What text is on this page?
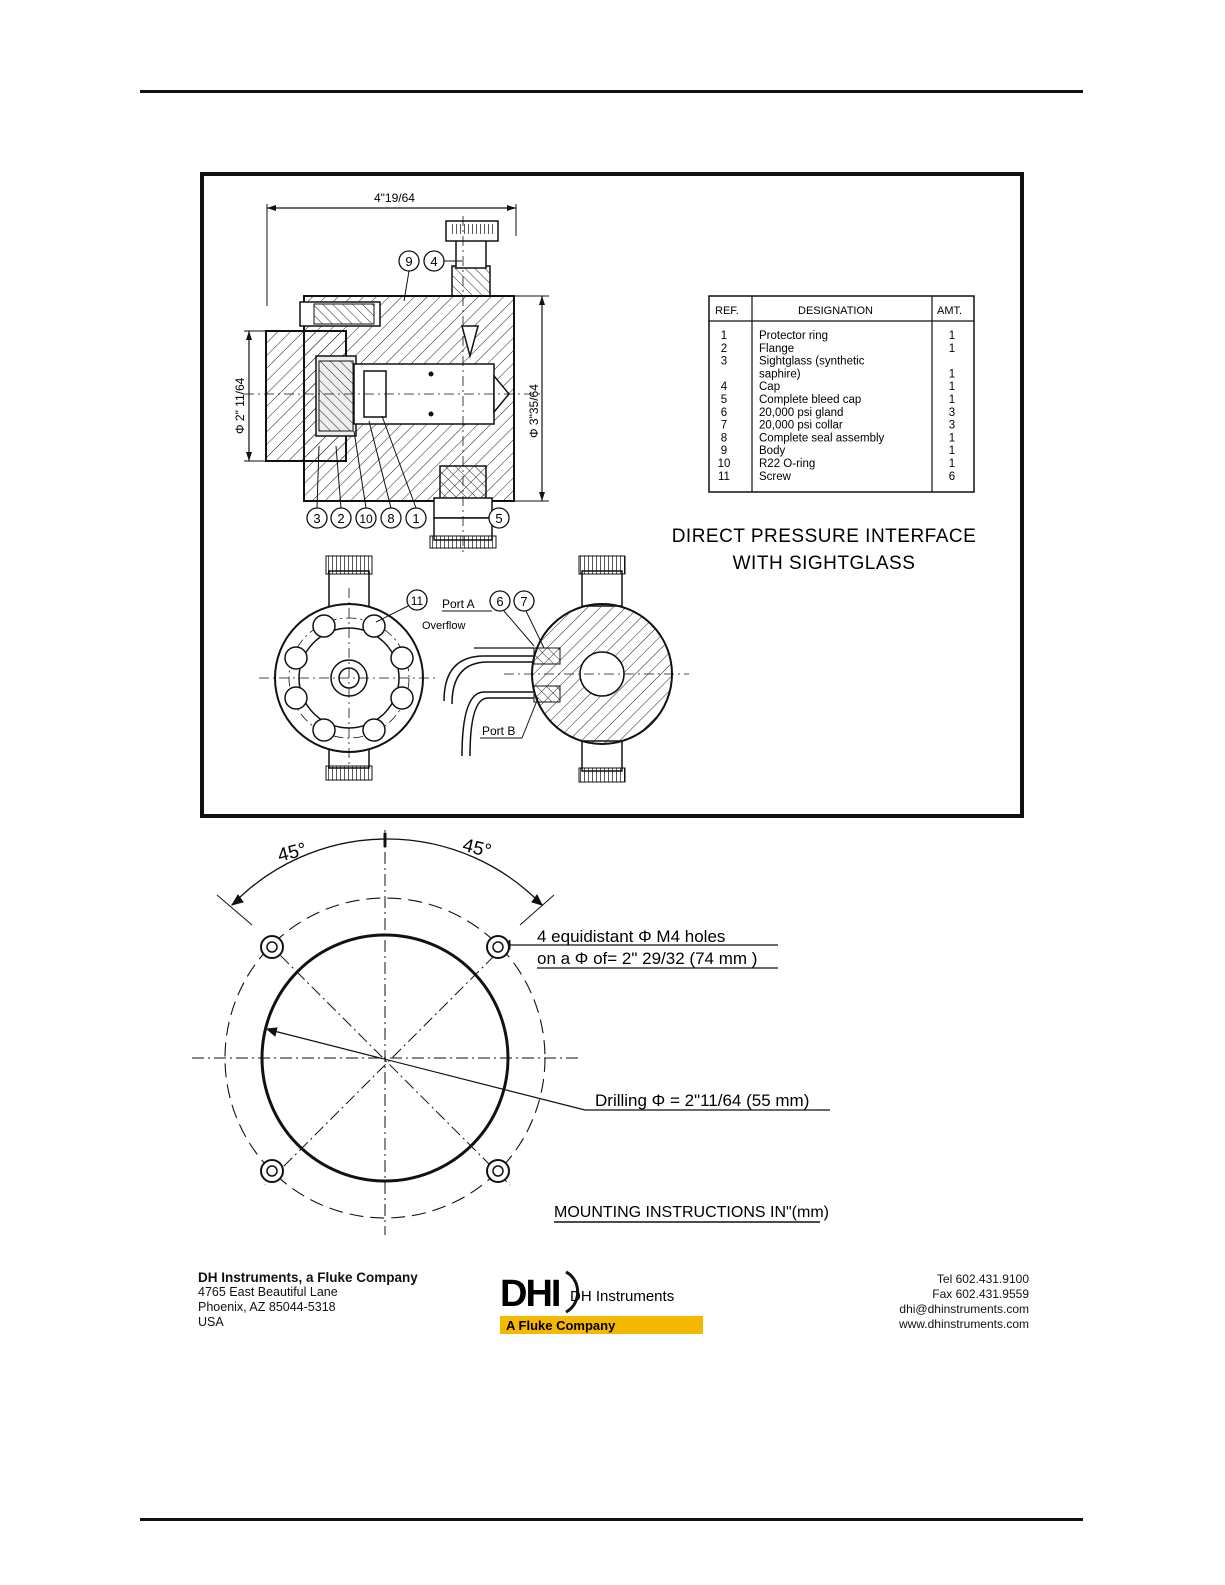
4"19/64
Φ 2" 11/64	Φ 3"35/64
9 4
3 2 10 8 1	5
REF.	DESIGNATION	AMT.
1	Protector ring	1
2	Flange	1
3	Sightglass (synthetic
saphire)	1
4	Cap	1
5	Complete bleed cap	1
6	20,000 psi gland	3
7	20,000 psi collar	3
8	Complete seal assembly	1
9	Body	1
10 R22 O-ring	1
11	Screw	6
DIRECT PRESSURE INTERFACE
WITH SIGHTGLASS
11 Port A
Overflow
Port B
6 7
45°	45°
4 equidistant Φ M4 holes
on a Φ of= 2" 29/32 (74 mm )
Drilling Φ = 2"11/64 (55 mm)
MOUNTING INSTRUCTIONS IN"(mm)
DH Instruments, a Fluke Company
4765 East Beautiful Lane
Phoenix, AZ 85044-5318
USA
DHI DH Instruments
A Fluke Company
Tel 602.431.9100
Fax 602.431.9559
dhi@dhinstruments.com
www.dhinstruments.com
